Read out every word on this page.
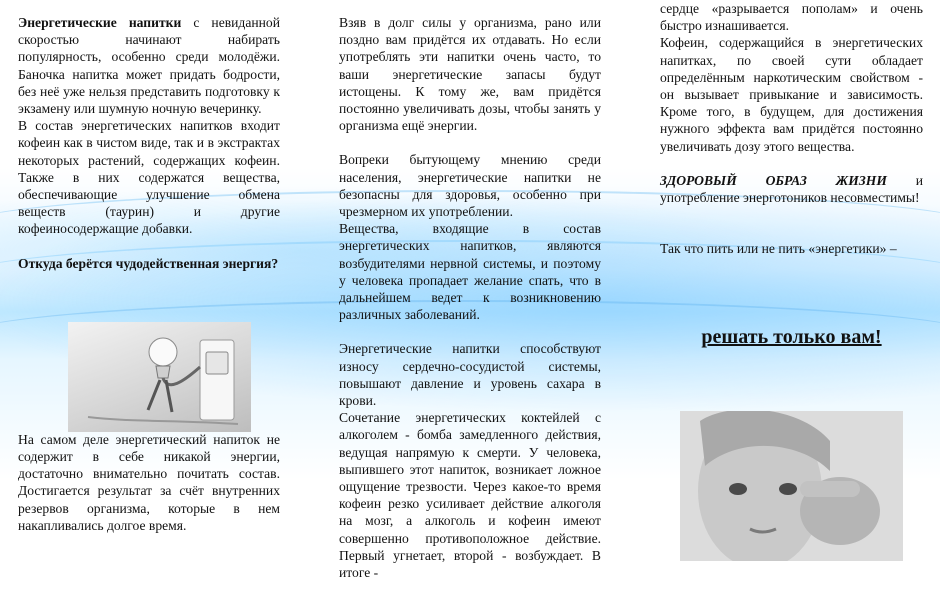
Энергетические напитки с невиданной скоростью начинают набирать популярность, особенно среди молодёжи. Баночка напитка может придать бодрости, без неё уже нельзя представить подготовку к экзамену или шумную ночную вечеринку.

В состав энергетических напитков входит кофеин как в чистом виде, так и в экстрактах некоторых растений, содержащих кофеин. Также в них содержатся вещества, обеспечивающие улучшение обмена веществ (таурин) и другие кофеиносодержащие добавки.

Откуда берётся чудодейственная энергия?

На самом деле энергетический напиток не содержит в себе никакой энергии, достаточно внимательно почитать состав. Достигается результат за счёт внутренних резервов организма, которые в нем накапливались долгое время.

Взяв в долг силы у организма, рано или поздно вам придётся их отдавать. Но если употреблять эти напитки очень часто, то ваши энергетические запасы будут истощены. К тому же, вам придётся постоянно увеличивать дозы, чтобы занять у организма ещё энергии.

Вопреки бытующему мнению среди населения, энергетические напитки не безопасны для здоровья, особенно при чрезмерном их употреблении.

Вещества, входящие в состав энергетических напитков, являются возбудителями нервной системы, и поэтому у человека пропадает желание спать, что в дальнейшем ведет к возникновению различных заболеваний.

Энергетические напитки способствуют износу сердечно-сосудистой системы, повышают давление и уровень сахара в крови.

Сочетание энергетических коктейлей с алкоголем - бомба замедленного действия, ведущая напрямую к смерти. У человека, выпившего этот напиток, возникает ложное ощущение трезвости. Через какое-то время кофеин резко усиливает действие алкоголя на мозг, а алкоголь и кофеин имеют совершенно противоположное действие. Первый угнетает, второй - возбуждает. В итоге -

сердце «разрывается пополам» и очень быстро изнашивается.

Кофеин, содержащийся в энергетических напитках, по своей сути обладает определённым наркотическим свойством - он вызывает привыкание и зависимость. Кроме того, в будущем, для достижения нужного эффекта вам придётся постоянно увеличивать дозу этого вещества.

ЗДОРОВЫЙ ОБРАЗ ЖИЗНИ и употребление энерготоников несовместимы!

Так что пить или не пить «энергетики» –

решать только вам!
